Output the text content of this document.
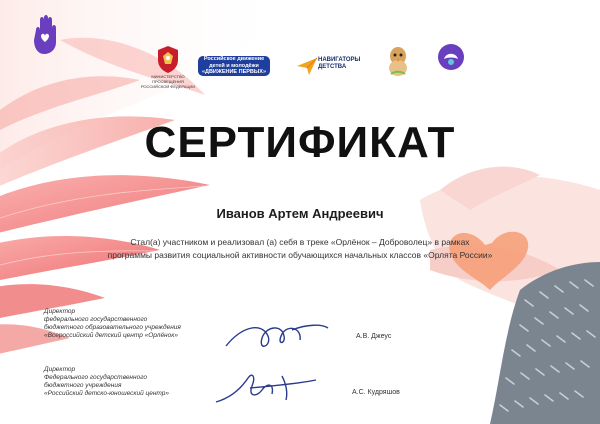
МИНИСТЕРСТВО ПРОСВЕЩЕНИЯ
РОССИЙСКОЙ ФЕДЕРАЦИИ
Российское движение
детей и молодёжи
«ДВИЖЕНИЕ ПЕРВЫХ»
НАВИГАТОРЫ
ДЕТСТВА

СЕРТИФИКАТ
Иванов Артем Андреевич
Стал(а) участником и реализовал (а) себя в треке «Орлёнок – Доброволец» в рамках
программы развития социальной активности обучающихся начальных классов «Орлята России»
Директор
федерального государственного
бюджетного образовательного учреждения
«Всероссийский детский центр «Орлёнок»	А.В. Джеус
Директор
Федерального государственного
бюджетного учреждения
«Российский детско-юношеский центр»	А.С. Кудряшов
